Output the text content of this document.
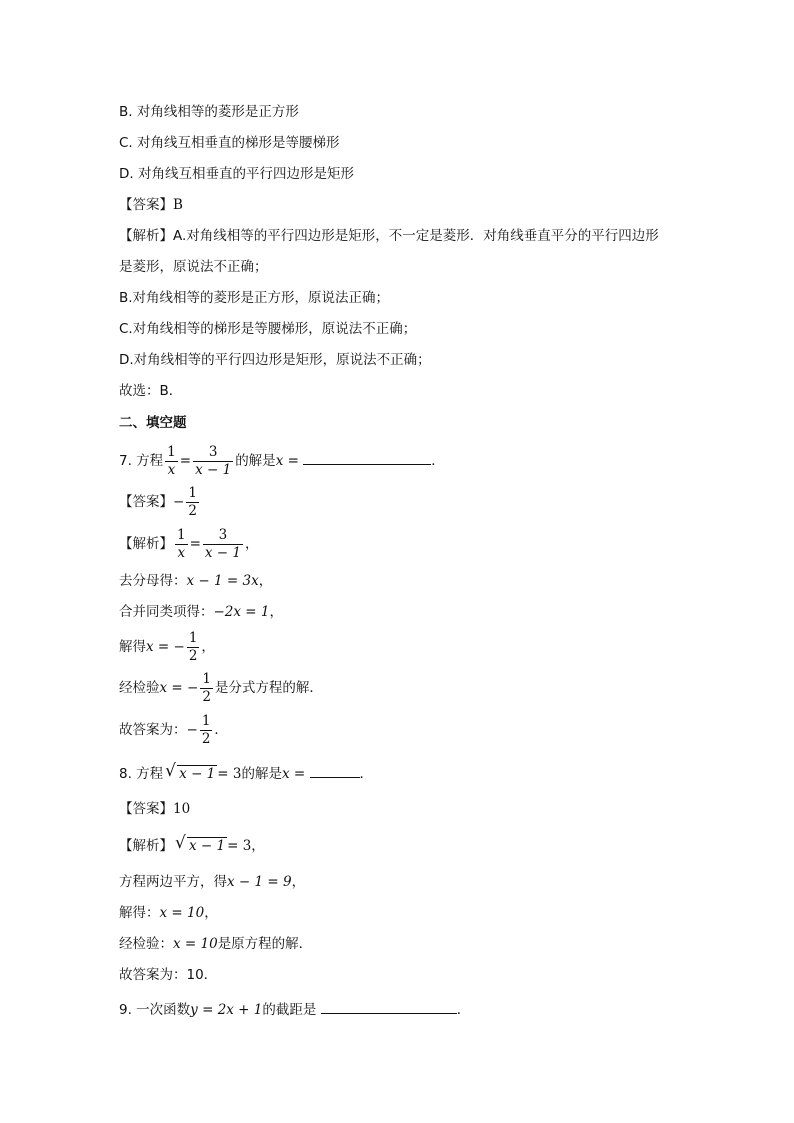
B. 对角线相等的菱形是正方形
C. 对角线互相垂直的梯形是等腰梯形
D. 对角线互相垂直的平行四边形是矩形
【答案】B
【解析】A.对角线相等的平行四边形是矩形，不一定是菱形．对角线垂直平分的平行四边形
是菱形，原说法不正确；
B.对角线相等的菱形是正方形，原说法正确；
C.对角线相等的梯形是等腰梯形，原说法不正确；
D.对角线相等的平行四边形是矩形，原说法不正确；
故选：B．
二、填空题
7. 方程 $\frac{1}{x} = \frac{3}{x - 1}$ 的解是x =	．
【答案】− $\frac{1}{2}$
【解析】 $\frac{1}{x} = \frac{3}{x - 1}$ ，
去分母得：x − 1 = 3x，
合并同类项得：−2x = 1，
解得x = − $\frac{1}{2}$ ，
经检验x = − $\frac{1}{2}$ 是分式方程的解．
故答案为：− $\frac{1}{2}$ ．
8. 方程 √ x − 1 = 3的解是x =	．
【答案】10
【解析】 √ x − 1 = 3，
方程两边平方，得x − 1 = 9，
解得：x = 10，
经检验：x = 10是原方程的解．
故答案为：10．
9. 一次函数y = 2x + 1的截距是	．
